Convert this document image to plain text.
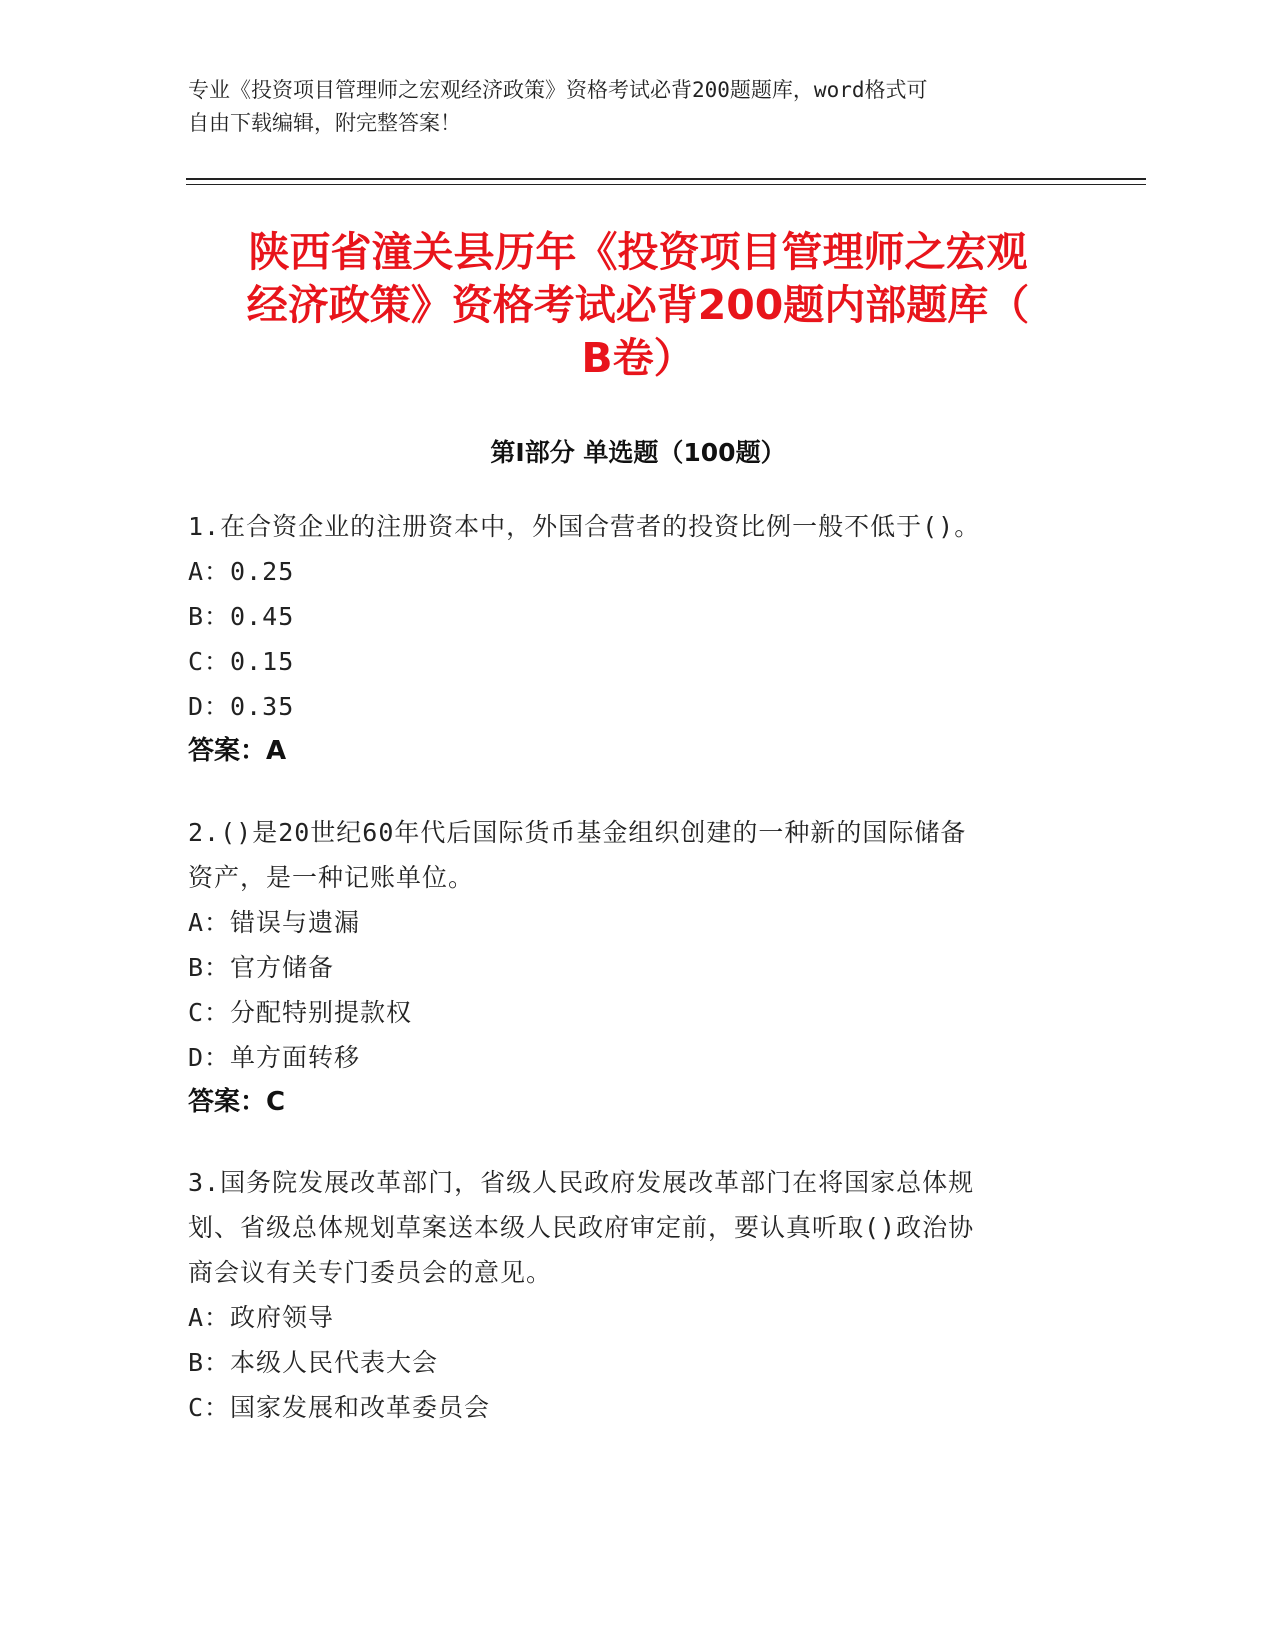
专业《投资项目管理师之宏观经济政策》资格考试必背200题题库，word格式可
自由下载编辑，附完整答案！
陕西省潼关县历年《投资项目管理师之宏观
经济政策》资格考试必背200题内部题库（
B卷）
第I部分 单选题（100题）
1.在合资企业的注册资本中，外国合营者的投资比例一般不低于()。
A：0.25
B：0.45
C：0.15
D：0.35
答案：A
2.()是20世纪60年代后国际货币基金组织创建的一种新的国际储备
资产，是一种记账单位。
A：错误与遗漏
B：官方储备
C：分配特别提款权
D：单方面转移
答案：C
3.国务院发展改革部门，省级人民政府发展改革部门在将国家总体规
划、省级总体规划草案送本级人民政府审定前，要认真听取()政治协
商会议有关专门委员会的意见。
A：政府领导
B：本级人民代表大会
C：国家发展和改革委员会
